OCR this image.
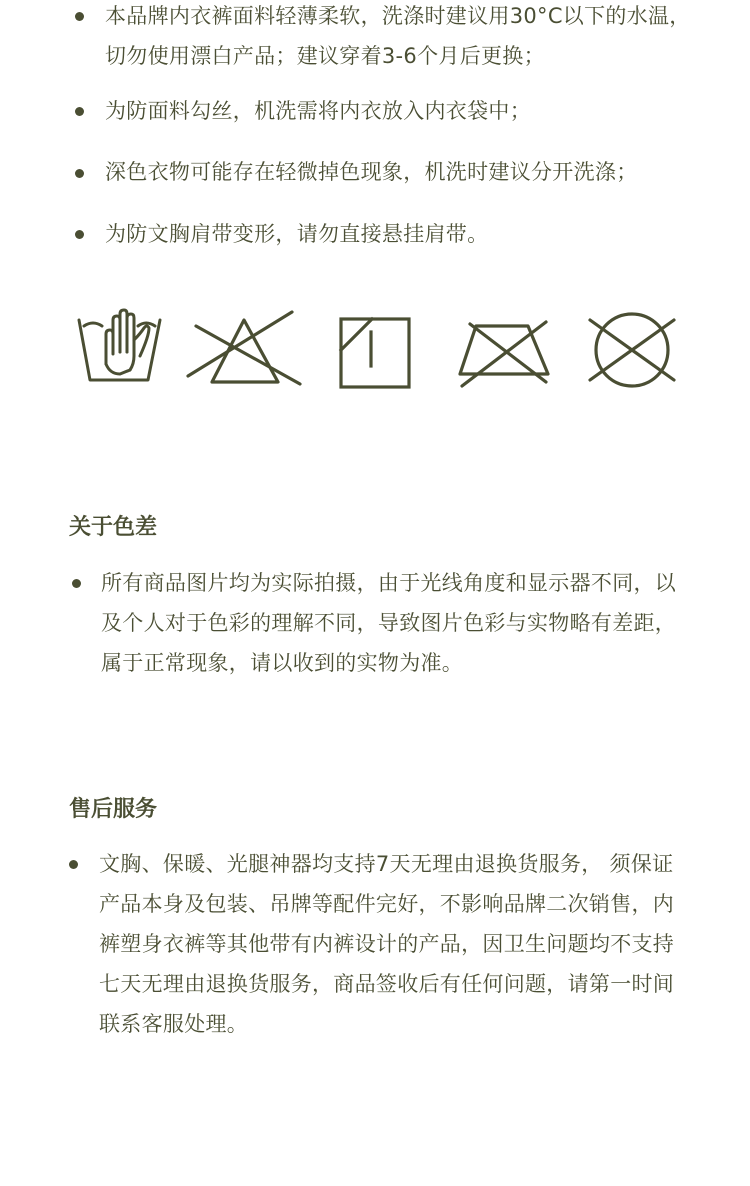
本品牌内衣裤面料轻薄柔软，洗涤时建议用30°C以下的水温，切勿使用漂白产品；建议穿着3-6个月后更换；
为防面料勾丝，机洗需将内衣放入内衣袋中；
深色衣物可能存在轻微掉色现象，机洗时建议分开洗涤；
为防文胸肩带变形，请勿直接悬挂肩带。
关于色差
所有商品图片均为实际拍摄，由于光线角度和显示器不同，以及个人对于色彩的理解不同，导致图片色彩与实物略有差距，属于正常现象，请以收到的实物为准。
售后服务
文胸、保暖、光腿神器均支持7天无理由退换货服务， 须保证产品本身及包装、吊牌等配件完好，不影响品牌二次销售，内裤塑身衣裤等其他带有内裤设计的产品，因卫生问题均不支持七天无理由退换货服务，商品签收后有任何问题，请第一时间联系客服处理。
